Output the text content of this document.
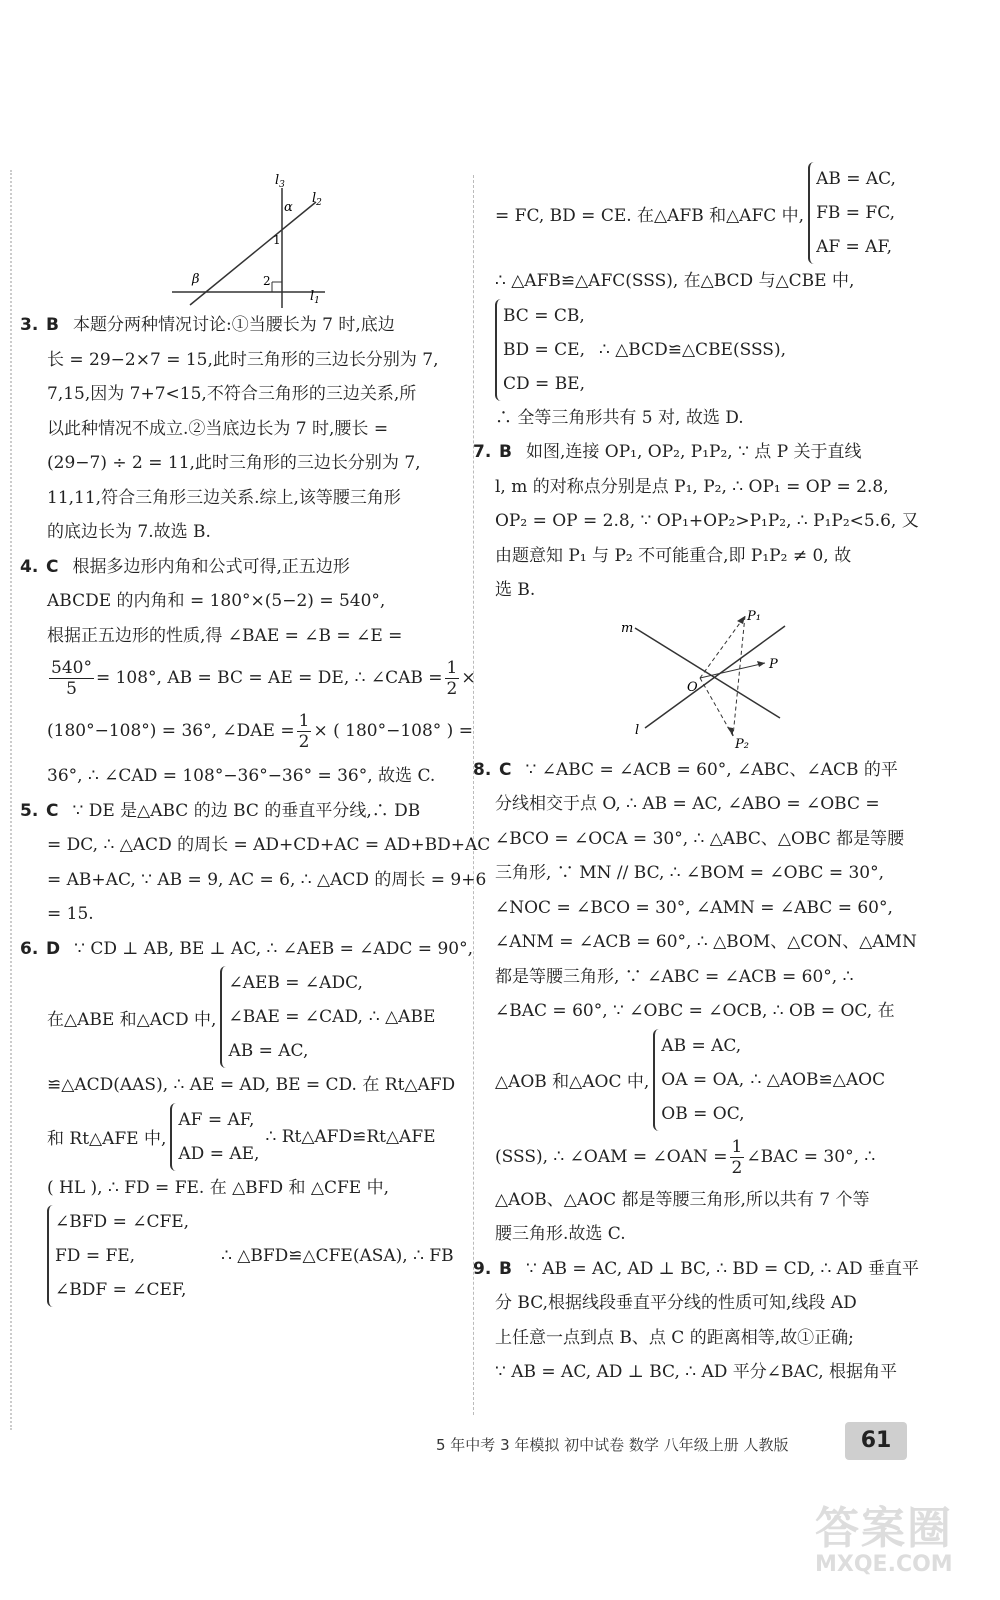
$l_3$
$l_2$
$l_1$
α
β
1
2
3. B 本题分两种情况讨论:①当腰长为 7 时,底边
长 = 29−2×7 = 15,此时三角形的三边长分别为 7,
7,15,因为 7+7<15,不符合三角形的三边关系,所
以此种情况不成立.②当底边长为 7 时,腰长 =
(29−7) ÷ 2 = 11,此时三角形的三边长分别为 7,
11,11,符合三角形三边关系.综上,该等腰三角形
的底边长为 7.故选 B.
4. C 根据多边形内角和公式可得,正五边形
ABCDE 的内角和 = 180°×(5−2) = 540°,
根据正五边形的性质,得 ∠BAE = ∠B = ∠E =
$\frac{540^\circ}{5} = 108^\circ$, AB = BC = AE = DE, ∴ ∠CAB = $\frac{1}{2}$ ×
(180°−108°) = 36°, ∠DAE = $\frac{1}{2}$ × ( 180°−108° ) =
36°, ∴ ∠CAD = 108°−36°−36° = 36°, 故选 C.
5. C ∵ DE 是△ABC 的边 BC 的垂直平分线,∴ DB
= DC, ∴ △ACD 的周长 = AD+CD+AC = AD+BD+AC
= AB+AC, ∵ AB = 9, AC = 6, ∴ △ACD 的周长 = 9+6
= 15.
6. D ∵ CD ⊥ AB, BE ⊥ AC, ∴ ∠AEB = ∠ADC = 90°,
在△ABE 和△ACD 中,
∠AEB = ∠ADC,
∠BAE = ∠CAD,
AB = AC,
∴ △ABE
≌△ACD(AAS), ∴ AE = AD, BE = CD. 在 Rt△AFD
和 Rt△AFE 中,
AF = AF,
AD = AE,
∴ Rt△AFD≌Rt△AFE
( HL ), ∴ FD = FE. 在 △BFD 和 △CFE 中,
∠BFD = ∠CFE,
FD = FE,
∠BDF = ∠CEF,
∴ △BFD≌△CFE(ASA), ∴ FB
= FC, BD = CE. 在△AFB 和△AFC 中,
AB = AC,
FB = FC,
AF = AF,
∴ △AFB≌△AFC(SSS), 在△BCD 与△CBE 中,
BC = CB,
BD = CE,
CD = BE,
∴ △BCD≌△CBE(SSS),
∴ 全等三角形共有 5 对, 故选 D.
7. B 如图,连接 OP₁, OP₂, P₁P₂, ∵ 点 P 关于直线
l, m 的对称点分别是点 P₁, P₂, ∴ OP₁ = OP = 2.8,
OP₂ = OP = 2.8, ∵ OP₁+OP₂>P₁P₂, ∴ P₁P₂<5.6, 又
由题意知 P₁ 与 P₂ 不可能重合,即 P₁P₂ ≠ 0, 故
选 B.
m
l
O
P
P₁
P₂
8. C ∵ ∠ABC = ∠ACB = 60°, ∠ABC、∠ACB 的平
分线相交于点 O, ∴ AB = AC, ∠ABO = ∠OBC =
∠BCO = ∠OCA = 30°, ∴ △ABC、△OBC 都是等腰
三角形, ∵ MN // BC, ∴ ∠BOM = ∠OBC = 30°,
∠NOC = ∠BCO = 30°, ∠AMN = ∠ABC = 60°,
∠ANM = ∠ACB = 60°, ∴ △BOM、△CON、△AMN
都是等腰三角形, ∵ ∠ABC = ∠ACB = 60°, ∴
∠BAC = 60°, ∵ ∠OBC = ∠OCB, ∴ OB = OC, 在
△AOB 和△AOC 中,
AB = AC,
OA = OA,
OB = OC,
∴ △AOB≌△AOC
(SSS), ∴ ∠OAM = ∠OAN = $\frac{1}{2}$ ∠BAC = 30°, ∴
△AOB、△AOC 都是等腰三角形,所以共有 7 个等
腰三角形.故选 C.
9. B ∵ AB = AC, AD ⊥ BC, ∴ BD = CD, ∴ AD 垂直平
分 BC,根据线段垂直平分线的性质可知,线段 AD
上任意一点到点 B、点 C 的距离相等,故①正确;
∵ AB = AC, AD ⊥ BC, ∴ AD 平分∠BAC, 根据角平
5 年中考 3 年模拟 初中试卷 数学 八年级上册 人教版	61
答案圈
MXQE.COM
